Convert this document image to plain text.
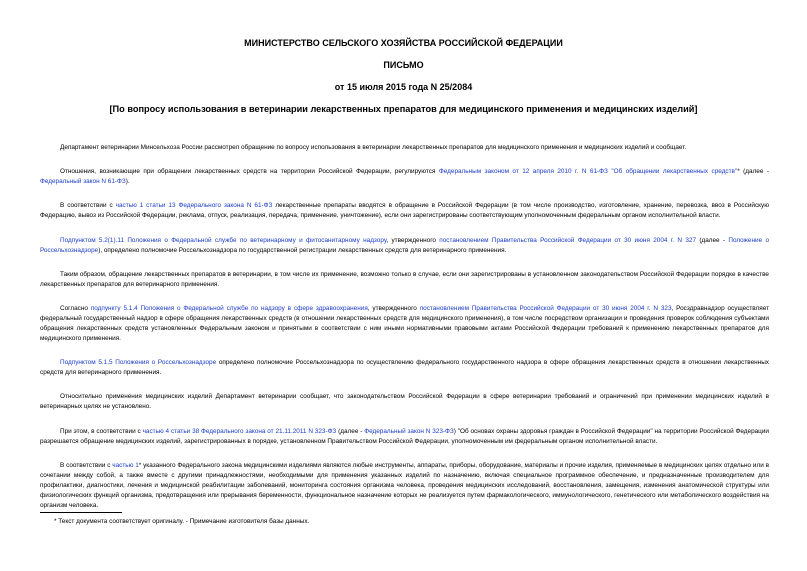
МИНИСТЕРСТВО СЕЛЬСКОГО ХОЗЯЙСТВА РОССИЙСКОЙ ФЕДЕРАЦИИ
ПИСЬМО
от 15 июля 2015 года N 25/2084
[По вопросу использования в ветеринарии лекарственных препаратов для медицинского применения и медицинских изделий]

Департамент ветеринарии Минсельхоза России рассмотрел обращение по вопросу использования в ветеринарии лекарственных препаратов для медицинского применения и медицинских изделий и сообщает.

Отношения, возникающие при обращении лекарственных средств на территории Российской Федерации, регулируются Федеральным законом от 12 апреля 2010 г. N 61-ФЗ "Об обращении лекарственных средств"* (далее - Федеральный закон N 61-ФЗ).

В соответствии с частью 1 статьи 13 Федерального закона N 61-ФЗ лекарственные препараты вводятся в обращение в Российской Федерации (в том числе производство, изготовление, хранение, перевозка, ввоз в Российскую Федерацию, вывоз из Российской Федерации, реклама, отпуск, реализация, передача, применение, уничтожение), если они зарегистрированы соответствующим уполномоченным федеральным органом исполнительной власти.

Подпунктом 5.2(1).11 Положения о Федеральной службе по ветеринарному и фитосанитарному надзору, утвержденного постановлением Правительства Российской Федерации от 30 июня 2004 г. N 327 (далее - Положение о Россельхознадзоре), определено полномочие Россельхознадзора по государственной регистрации лекарственных средств для ветеринарного применения.

Таким образом, обращение лекарственных препаратов в ветеринарии, в том числе их применение, возможно только в случае, если они зарегистрированы в установленном законодательством Российской Федерации порядке в качестве лекарственных препаратов для ветеринарного применения.

Согласно подпункту 5.1.4 Положения о Федеральной службе по надзору в сфере здравоохранения, утвержденного постановлением Правительства Российской Федерации от 30 июня 2004 г. N 323, Росздравнадзор осуществляет федеральный государственный надзор в сфере обращения лекарственных средств (в отношении лекарственных средств для медицинского применения), в том числе посредством организации и проведения проверок соблюдения субъектами обращения лекарственных средств установленных Федеральным законом и принятыми в соответствии с ним иными нормативными правовыми актами Российской Федерации требований к применению лекарственных препаратов для медицинского применения.

Подпунктом 5.1.5 Положения о Россельхознадзоре определено полномочие Россельхознадзора по осуществлению федерального государственного надзора в сфере обращения лекарственных средств в отношении лекарственных средств для ветеринарного применения.

Относительно применения медицинских изделий Департамент ветеринарии сообщает, что законодательством Российской Федерации в сфере ветеринарии требований и ограничений при применении медицинских изделий в ветеринарных целях не установлено.

При этом, в соответствии с частью 4 статьи 38 Федерального закона от 21.11.2011 N 323-ФЗ (далее - Федеральный закон N 323-ФЗ) "Об основах охраны здоровья граждан в Российской Федерации" на территории Российской Федерации разрешается обращение медицинских изделий, зарегистрированных в порядке, установленном Правительством Российской Федерации, уполномоченным им федеральным органом исполнительной власти.

В соответствии с частью 1* указанного Федерального закона медицинскими изделиями являются любые инструменты, аппараты, приборы, оборудование, материалы и прочие изделия, применяемые в медицинских целях отдельно или в сочетании между собой, а также вместе с другими принадлежностями, необходимыми для применения указанных изделий по назначению, включая специальное программное обеспечение, и предназначенные производителем для профилактики, диагностики, лечения и медицинской реабилитации заболеваний, мониторинга состояния организма человека, проведения медицинских исследований, восстановления, замещения, изменения анатомической структуры или физиологических функций организма, предотвращения или прерывания беременности, функциональное назначение которых не реализуется путем фармакологического, иммунологического, генетического или метаболического воздействия на организм человека.

* Текст документа соответствует оригиналу. - Примечание изготовителя базы данных.
